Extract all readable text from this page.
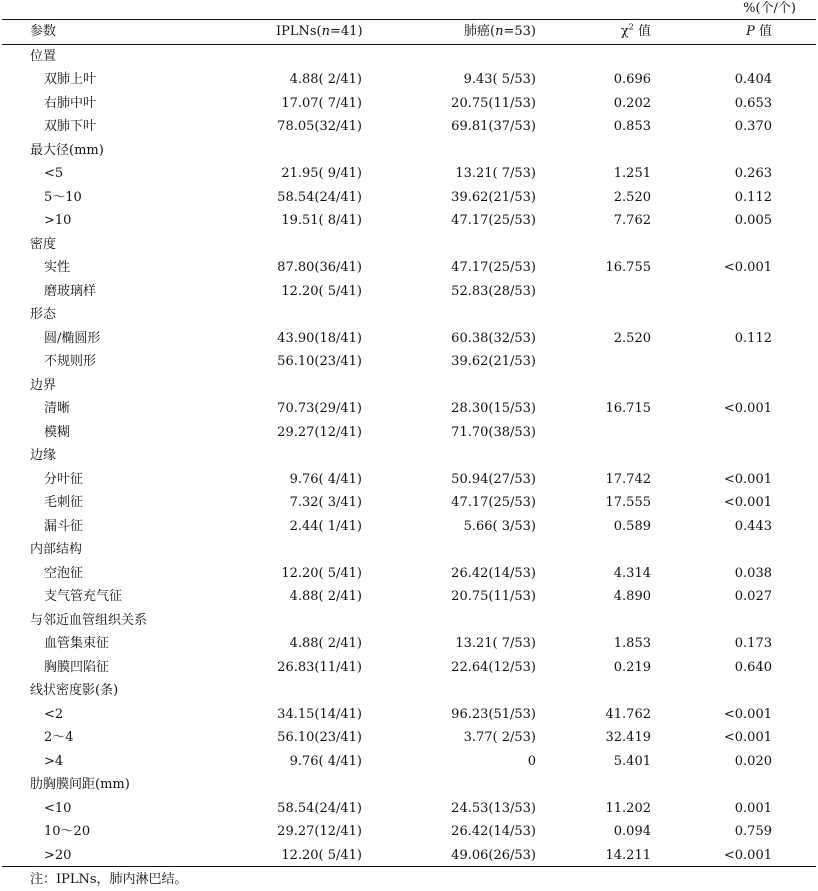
%(个/个)
参数	IPLNs(n=41)	肺癌(n=53)	$\chi^2$ 值	P 值
位置
双肺上叶	4.88( 2/41)	9.43( 5/53)	0.696	0.404
右肺中叶	17.07( 7/41)	20.75(11/53)	0.202	0.653
双肺下叶	78.05(32/41)	69.81(37/53)	0.853	0.370
最大径(mm)
<5	21.95( 9/41)	13.21( 7/53)	1.251	0.263
5～10	58.54(24/41)	39.62(21/53)	2.520	0.112
>10	19.51( 8/41)	47.17(25/53)	7.762	0.005
密度
实性	87.80(36/41)	47.17(25/53)	16.755	<0.001
磨玻璃样	12.20( 5/41)	52.83(28/53)
形态
圆/椭圆形	43.90(18/41)	60.38(32/53)	2.520	0.112
不规则形	56.10(23/41)	39.62(21/53)
边界
清晰	70.73(29/41)	28.30(15/53)	16.715	<0.001
模糊	29.27(12/41)	71.70(38/53)
边缘
分叶征	9.76( 4/41)	50.94(27/53)	17.742	<0.001
毛刺征	7.32( 3/41)	47.17(25/53)	17.555	<0.001
漏斗征	2.44( 1/41)	5.66( 3/53)	0.589	0.443
内部结构
空泡征	12.20( 5/41)	26.42(14/53)	4.314	0.038
支气管充气征	4.88( 2/41)	20.75(11/53)	4.890	0.027
与邻近血管组织关系
血管集束征	4.88( 2/41)	13.21( 7/53)	1.853	0.173
胸膜凹陷征	26.83(11/41)	22.64(12/53)	0.219	0.640
线状密度影(条)
<2	34.15(14/41)	96.23(51/53)	41.762	<0.001
2～4	56.10(23/41)	3.77( 2/53)	32.419	<0.001
>4	9.76( 4/41)	0	5.401	0.020
肋胸膜间距(mm)
<10	58.54(24/41)	24.53(13/53)	11.202	0.001
10～20	29.27(12/41)	26.42(14/53)	0.094	0.759
>20	12.20( 5/41)	49.06(26/53)	14.211	<0.001
注：IPLNs，肺内淋巴结。
